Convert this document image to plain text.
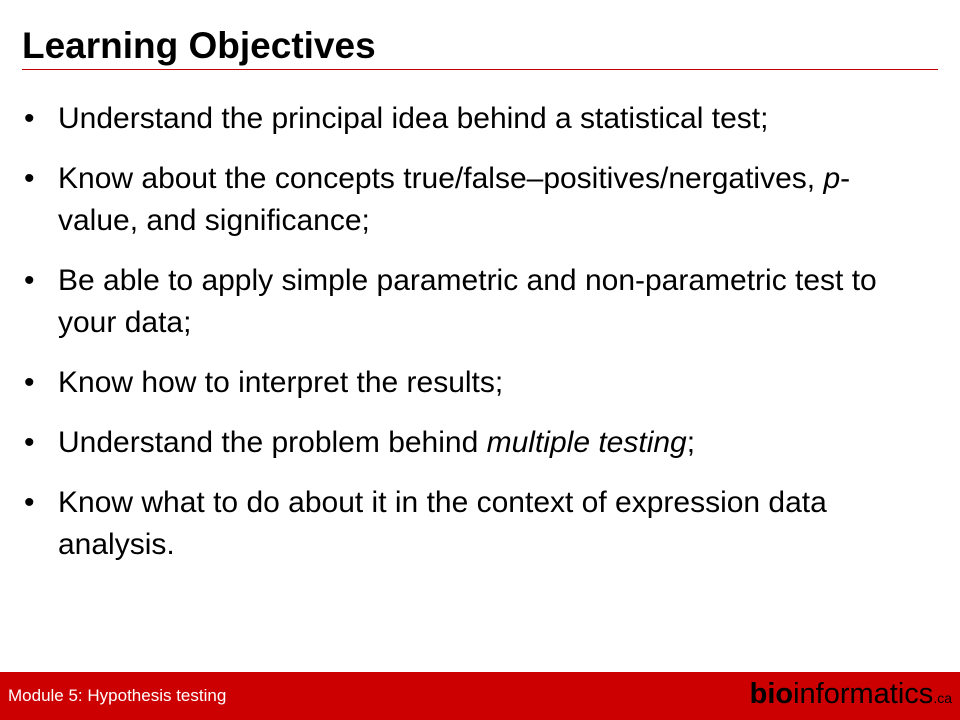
Learning Objectives
• Understand the principal idea behind a statistical test;
• Know about the concepts true/false–positives/nergatives, p-value, and significance;
• Be able to apply simple parametric and non-parametric test to your data;
• Know how to interpret the results;
• Understand the problem behind multiple testing;
• Know what to do about it in the context of expression data analysis.
Module 5: Hypothesis testing	bioinformatics.ca
